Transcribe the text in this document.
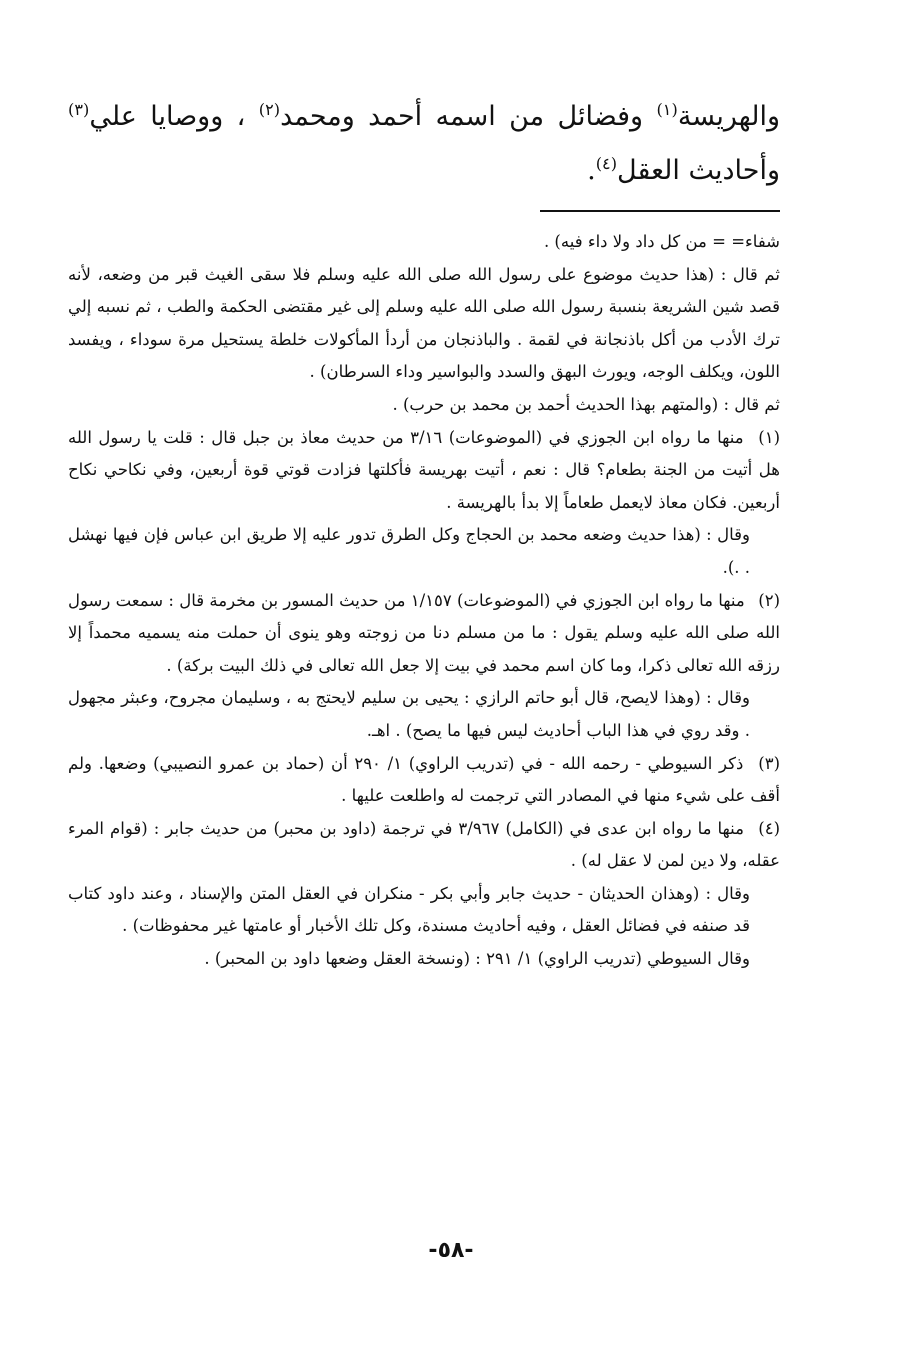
والهريسة$^{(١)}$ وفضائل من اسمه أحمد ومحمد$^{(٢)}$ ، ووصايا علي$^{(٣)}$ وأحاديث العقل$^{(٤)}$.

شفاء= = من كل داد ولا داء فيه) .

ثم قال : (هذا حديث موضوع على رسول الله صلى الله عليه وسلم فلا سقى الغيث قبر من وضعه، لأنه قصد شين الشريعة بنسبة رسول الله صلى الله عليه وسلم إلى غير مقتضى الحكمة والطب ، ثم نسبه إلي ترك الأدب من أكل باذنجانة في لقمة . والباذنجان من أردأ المأكولات خلطة يستحيل مرة سوداء ، ويفسد اللون، ويكلف الوجه، ويورث البهق والسدد والبواسير وداء السرطان) .

ثم قال : (والمتهم بهذا الحديث أحمد بن محمد بن حرب) .

(١) منها ما رواه ابن الجوزي في (الموضوعات) ٣/١٦ من حديث معاذ بن جبل قال : قلت يا رسول الله هل أتيت من الجنة بطعام؟ قال : نعم ، أتيت بهريسة فأكلتها فزادت قوتي قوة أربعين، وفي نكاحي نكاح أربعين. فكان معاذ لايعمل طعاماً إلا بدأ بالهريسة .

وقال : (هذا حديث وضعه محمد بن الحجاج وكل الطرق تدور عليه إلا طريق ابن عباس فإن فيها نهشل . .).

(٢) منها ما رواه ابن الجوزي في (الموضوعات) ١/١٥٧ من حديث المسور بن مخرمة قال : سمعت رسول الله صلى الله عليه وسلم يقول : ما من مسلم دنا من زوجته وهو ينوى أن حملت منه يسميه محمداً إلا رزقه الله تعالى ذكرا، وما كان اسم محمد في بيت إلا جعل الله تعالى في ذلك البيت بركة) .

وقال : (وهذا لايصح، قال أبو حاتم الرازي : يحيى بن سليم لايحتج به ، وسليمان مجروح، وعبثر مجهول . وقد روي في هذا الباب أحاديث ليس فيها ما يصح) . اهـ.

(٣) ذكر السيوطي - رحمه الله - في (تدريب الراوي) ١/ ٢٩٠ أن (حماد بن عمرو النصيبي) وضعها. ولم أقف على شيء منها في المصادر التي ترجمت له واطلعت عليها .

(٤) منها ما رواه ابن عدى في (الكامل) ٣/٩٦٧ في ترجمة (داود بن محبر) من حديث جابر : (قوام المرء عقله، ولا دين لمن لا عقل له) .

وقال : (وهذان الحديثان - حديث جابر وأبي بكر - منكران في العقل المتن والإسناد ، وعند داود كتاب قد صنفه في فضائل العقل ، وفيه أحاديث مسندة، وكل تلك الأخبار أو عامتها غير محفوظات) .

وقال السيوطي (تدريب الراوي) ١/ ٢٩١ : (ونسخة العقل وضعها داود بن المحبر) .

-٥٨-
